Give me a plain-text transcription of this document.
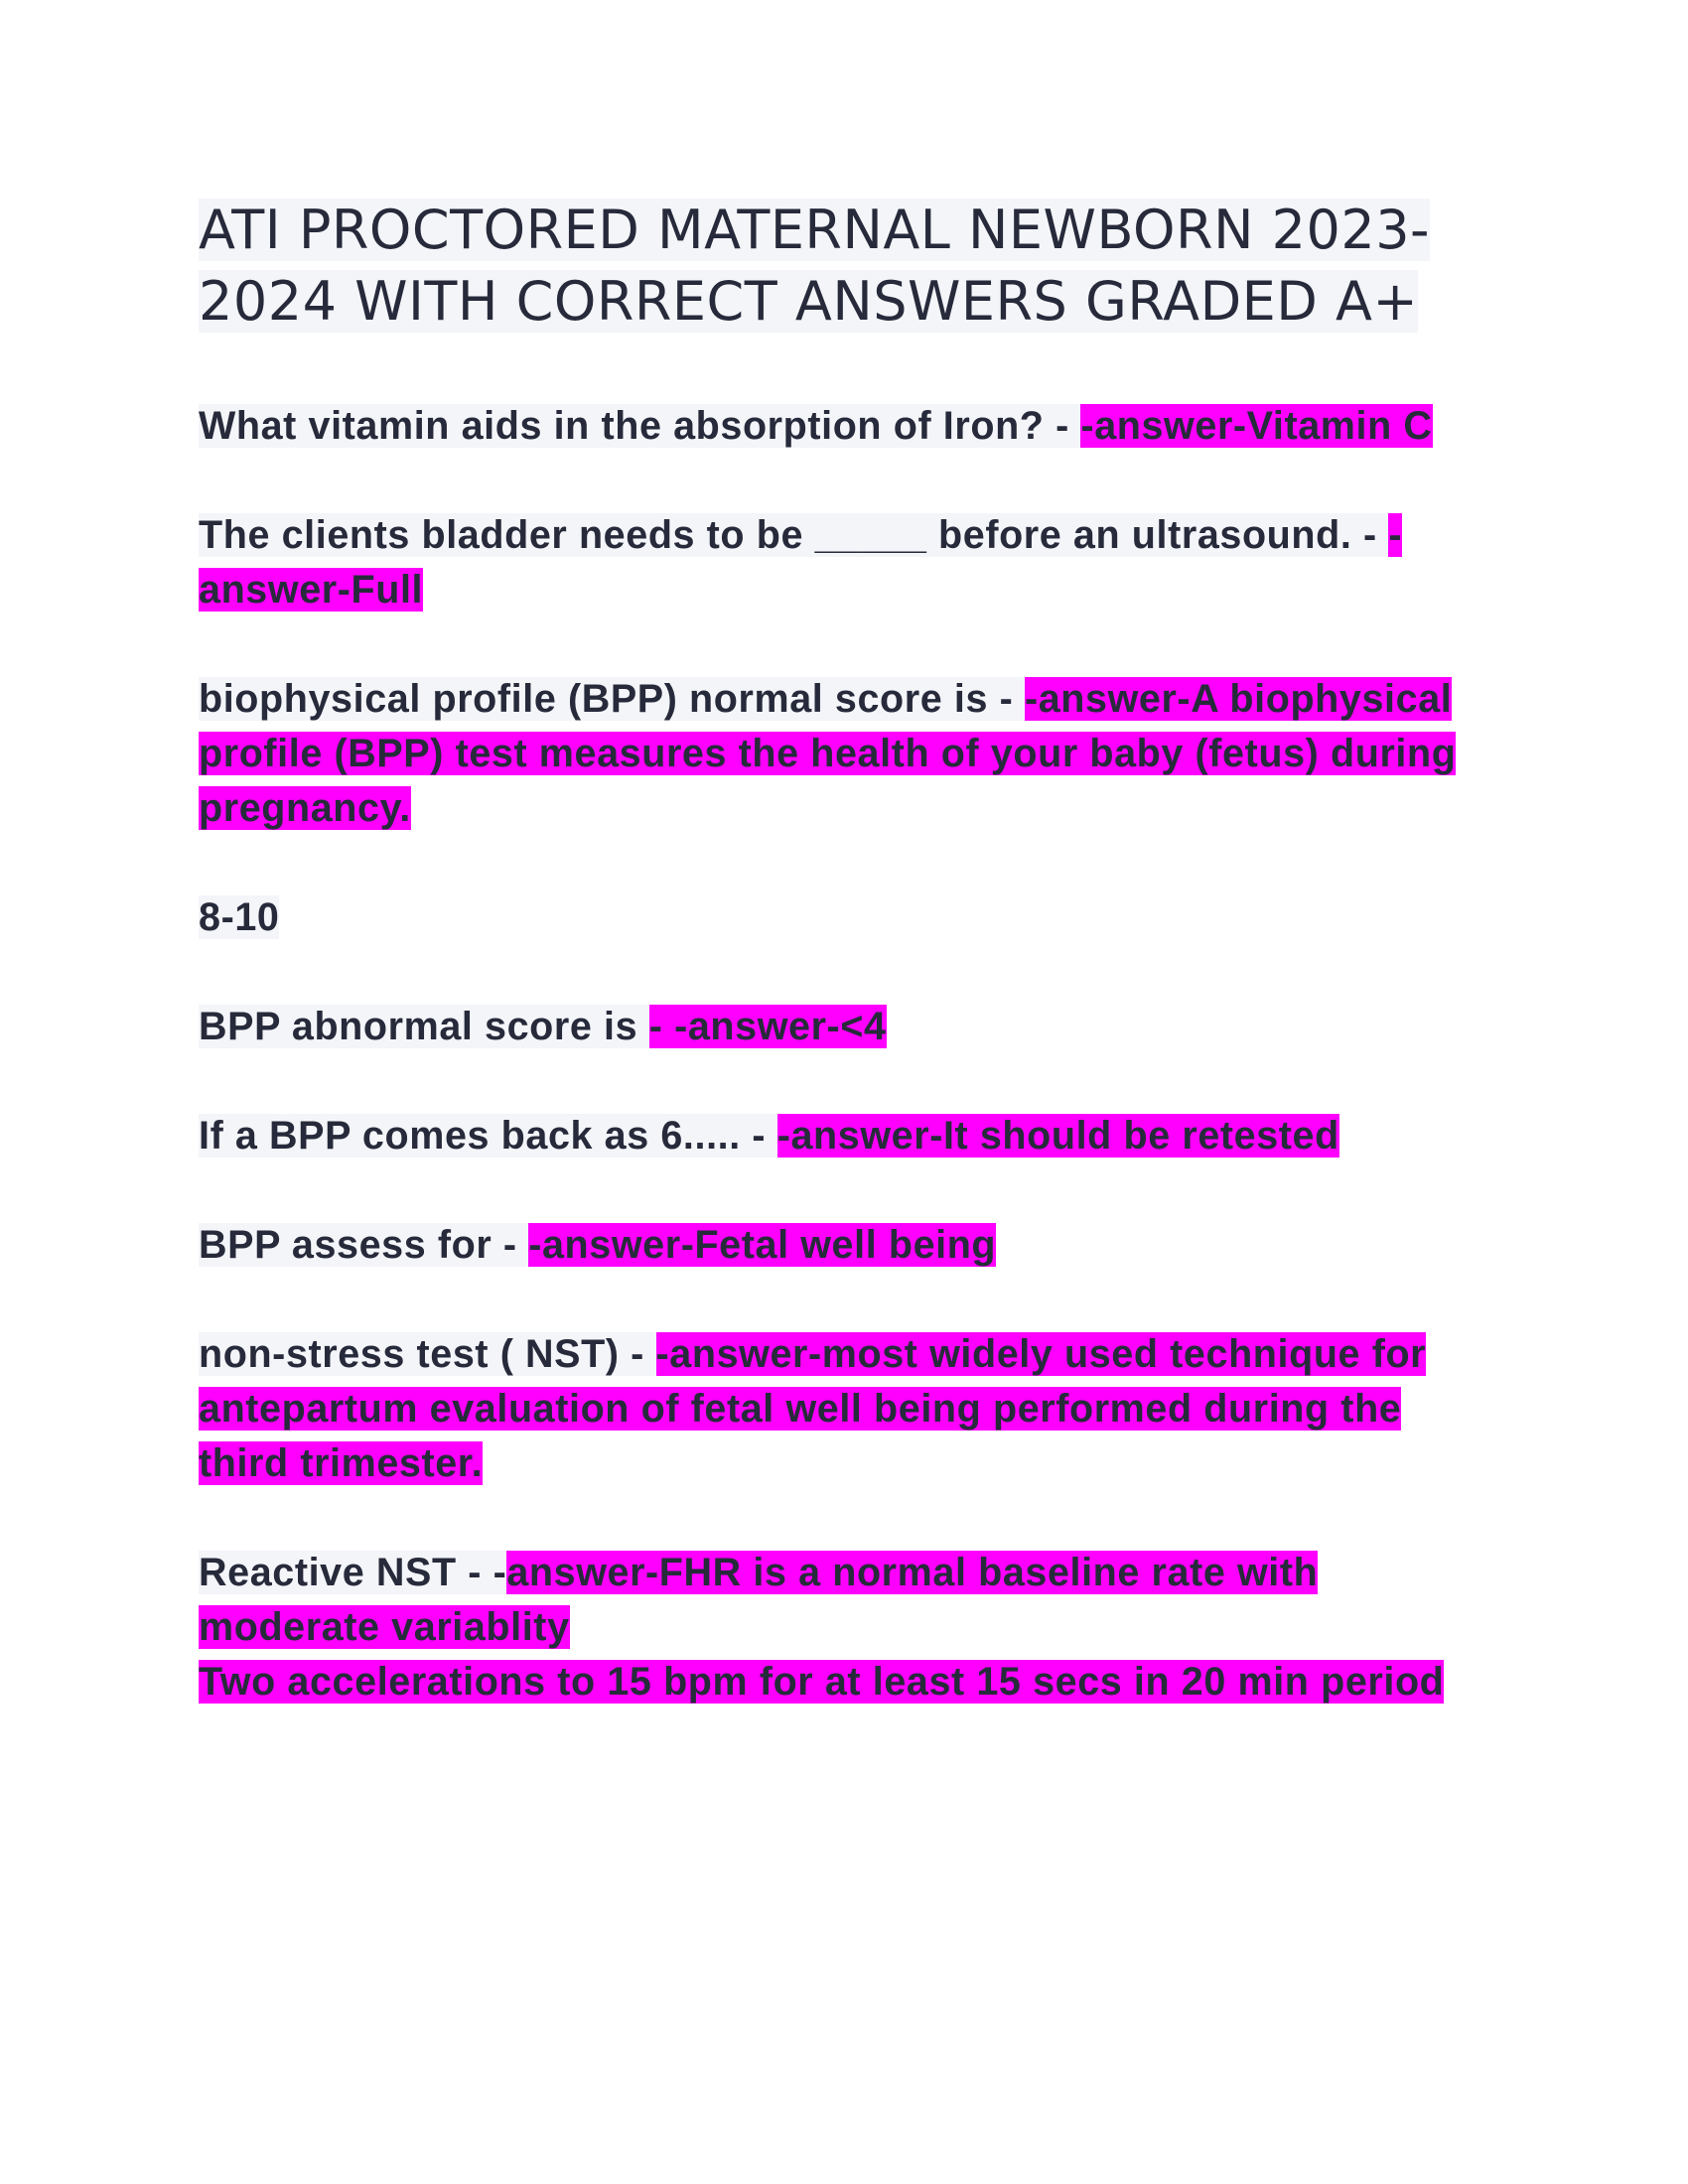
ATI PROCTORED MATERNAL NEWBORN 2023-2024 WITH CORRECT ANSWERS GRADED A+

What vitamin aids in the absorption of Iron? - -answer-Vitamin C

The clients bladder needs to be _____ before an ultrasound. - -answer-Full

biophysical profile (BPP) normal score is - -answer-A biophysical profile (BPP) test measures the health of your baby (fetus) during pregnancy.

8-10

BPP abnormal score is - -answer-<4

If a BPP comes back as 6..... - -answer-It should be retested

BPP assess for - -answer-Fetal well being

non-stress test ( NST) - -answer-most widely used technique for antepartum evaluation of fetal well being performed during the third trimester.

Reactive NST - -answer-FHR is a normal baseline rate with moderate variablity
Two accelerations to 15 bpm for at least 15 secs in 20 min period
